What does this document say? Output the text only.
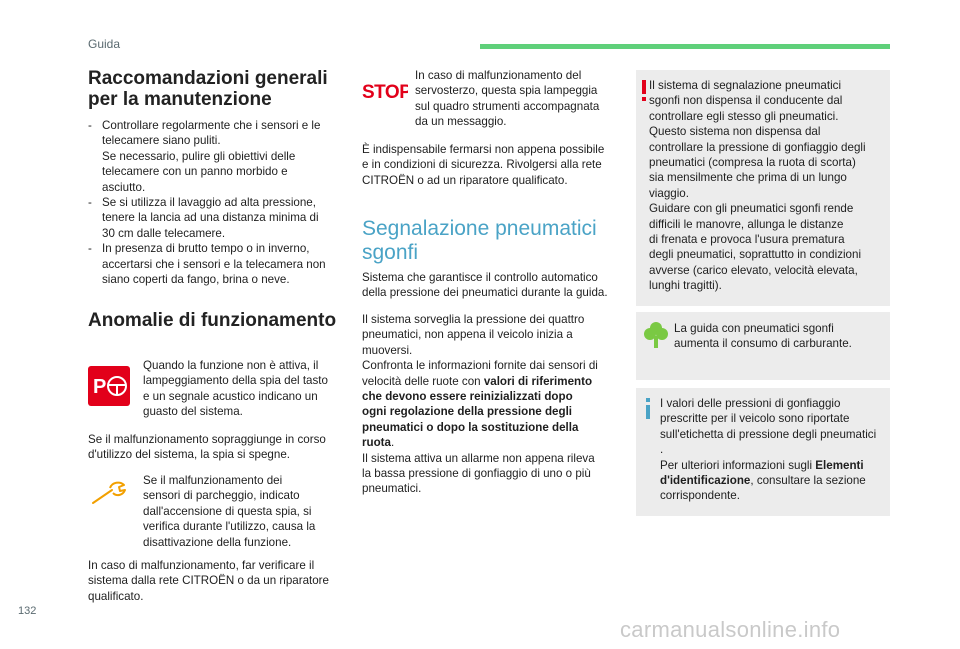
Guida
Raccomandazioni generali
per la manutenzione
- Controllare regolarmente che i sensori e le

telecamere siano puliti.

Se necessario, pulire gli obiettivi delle

telecamere con un panno morbido e

asciutto.

- Se si utilizza il lavaggio ad alta pressione,

tenere la lancia ad una distanza minima di

30 cm dalle telecamere.

- In presenza di brutto tempo o in inverno,

accertarsi che i sensori e la telecamera non

siano coperti da fango, brina o neve.

Anomalie di funzionamento
P

Quando la funzione non è attiva, il

lampeggiamento della spia del tasto

e un segnale acustico indicano un

guasto del sistema.

Se il malfunzionamento sopraggiunge in corso

d'utilizzo del sistema, la spia si spegne.

Se il malfunzionamento dei

sensori di parcheggio, indicato

dall'accensione di questa spia, si

verifica durante l'utilizzo, causa la

disattivazione della funzione.

In caso di malfunzionamento, far verificare il

sistema dalla rete CITROËN o da un riparatore

qualificato.

STOP

In caso di malfunzionamento del

servosterzo, questa spia lampeggia

sul quadro strumenti accompagnata

da un messaggio.

È indispensabile fermarsi non appena possibile

e in condizioni di sicurezza. Rivolgersi alla rete

CITROËN o ad un riparatore qualificato.

Segnalazione pneumatici
sgonfi

Sistema che garantisce il controllo automatico

della pressione dei pneumatici durante la guida.

Il sistema sorveglia la pressione dei quattro

pneumatici, non appena il veicolo inizia a

muoversi.

Confronta le informazioni fornite dai sensori di

velocità delle ruote con valori di riferimento

che devono essere reinizializzati dopo

ogni regolazione della pressione degli

pneumatici o dopo la sostituzione della

ruota.

Il sistema attiva un allarme non appena rileva

la bassa pressione di gonfiaggio di uno o più

pneumatici.

Il sistema di segnalazione pneumatici

sgonfi non dispensa il conducente dal

controllare egli stesso gli pneumatici.

Questo sistema non dispensa dal

controllare la pressione di gonfiaggio degli

pneumatici (compresa la ruota di scorta)

sia mensilmente che prima di un lungo

viaggio.

Guidare con gli pneumatici sgonfi rende

difficili le manovre, allunga le distanze

di frenata e provoca l'usura prematura

degli pneumatici, soprattutto in condizioni

avverse (carico elevato, velocità elevata,

lunghi tragitti).

La guida con pneumatici sgonfi

aumenta il consumo di carburante.

I valori delle pressioni di gonfiaggio

prescritte per il veicolo sono riportate

sull'etichetta di pressione degli pneumatici

.

Per ulteriori informazioni sugli Elementi

d'identificazione, consultare la sezione

corrispondente.

132
carmanualsonline.info
